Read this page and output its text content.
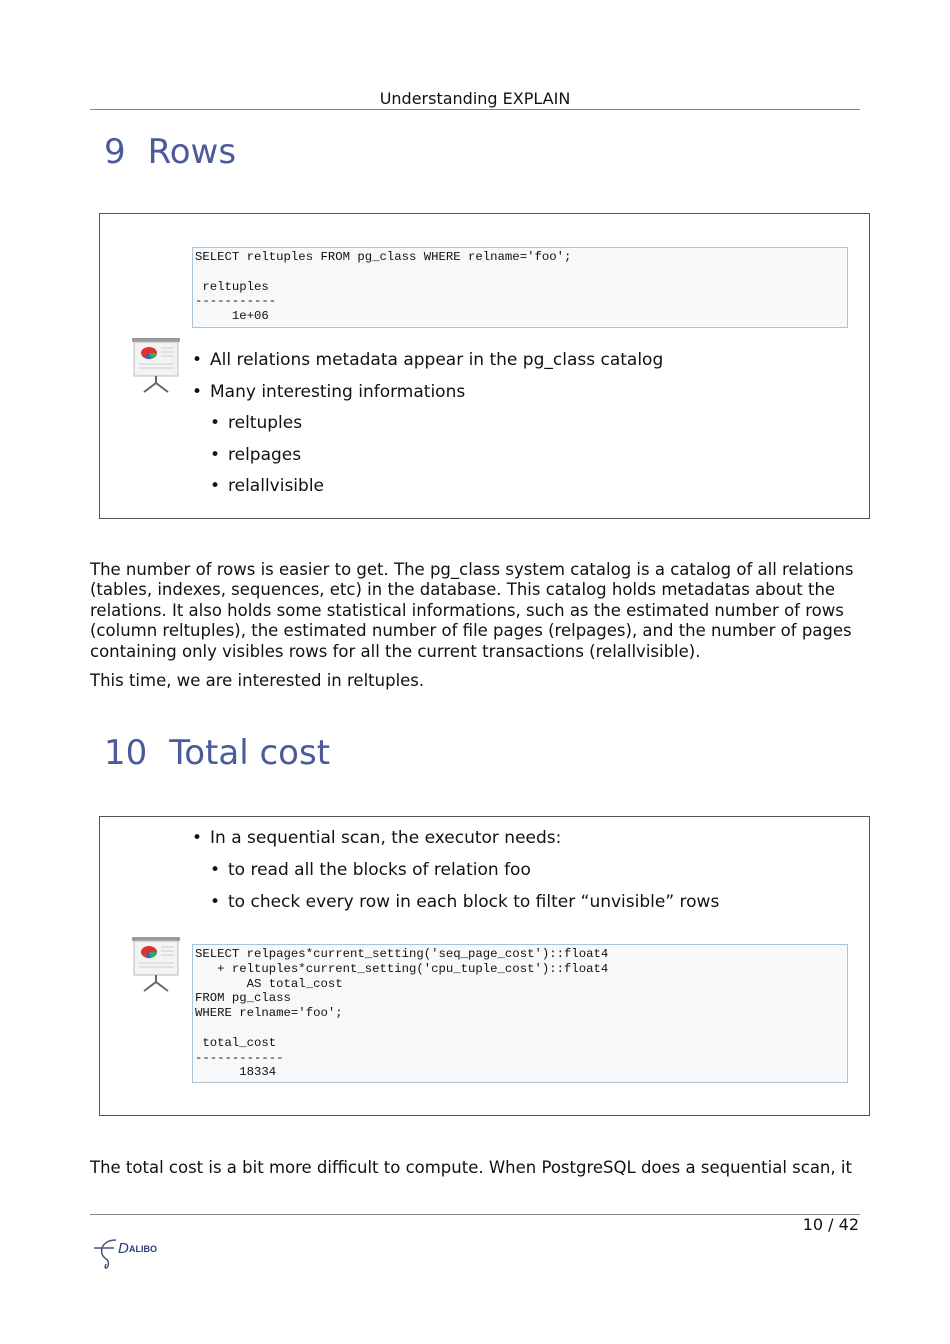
Understanding EXPLAIN
9 Rows
SELECT reltuples FROM pg_class WHERE relname='foo';

reltuples
-----------
1e+06
• All relations metadata appear in the pg_class catalog
• Many interesting informations
• reltuples
• relpages
• relallvisible
The number of rows is easier to get. The pg_class system catalog is a catalog of all relations (tables, indexes, sequences, etc) in the database. This catalog holds metadatas about the relations. It also holds some statistical informations, such as the estimated number of rows (column reltuples), the estimated number of file pages (relpages), and the number of pages containing only visibles rows for all the current transactions (relallvisible).
This time, we are interested in reltuples.
10 Total cost
• In a sequential scan, the executor needs:
• to read all the blocks of relation foo
• to check every row in each block to filter “unvisible” rows
SELECT relpages*current_setting('seq_page_cost')::float4
+ reltuples*current_setting('cpu_tuple_cost')::float4
AS total_cost
FROM pg_class
WHERE relname='foo';

total_cost
------------
18334
The total cost is a bit more difficult to compute. When PostgreSQL does a sequential scan, it
10 / 42
D ALIBO
